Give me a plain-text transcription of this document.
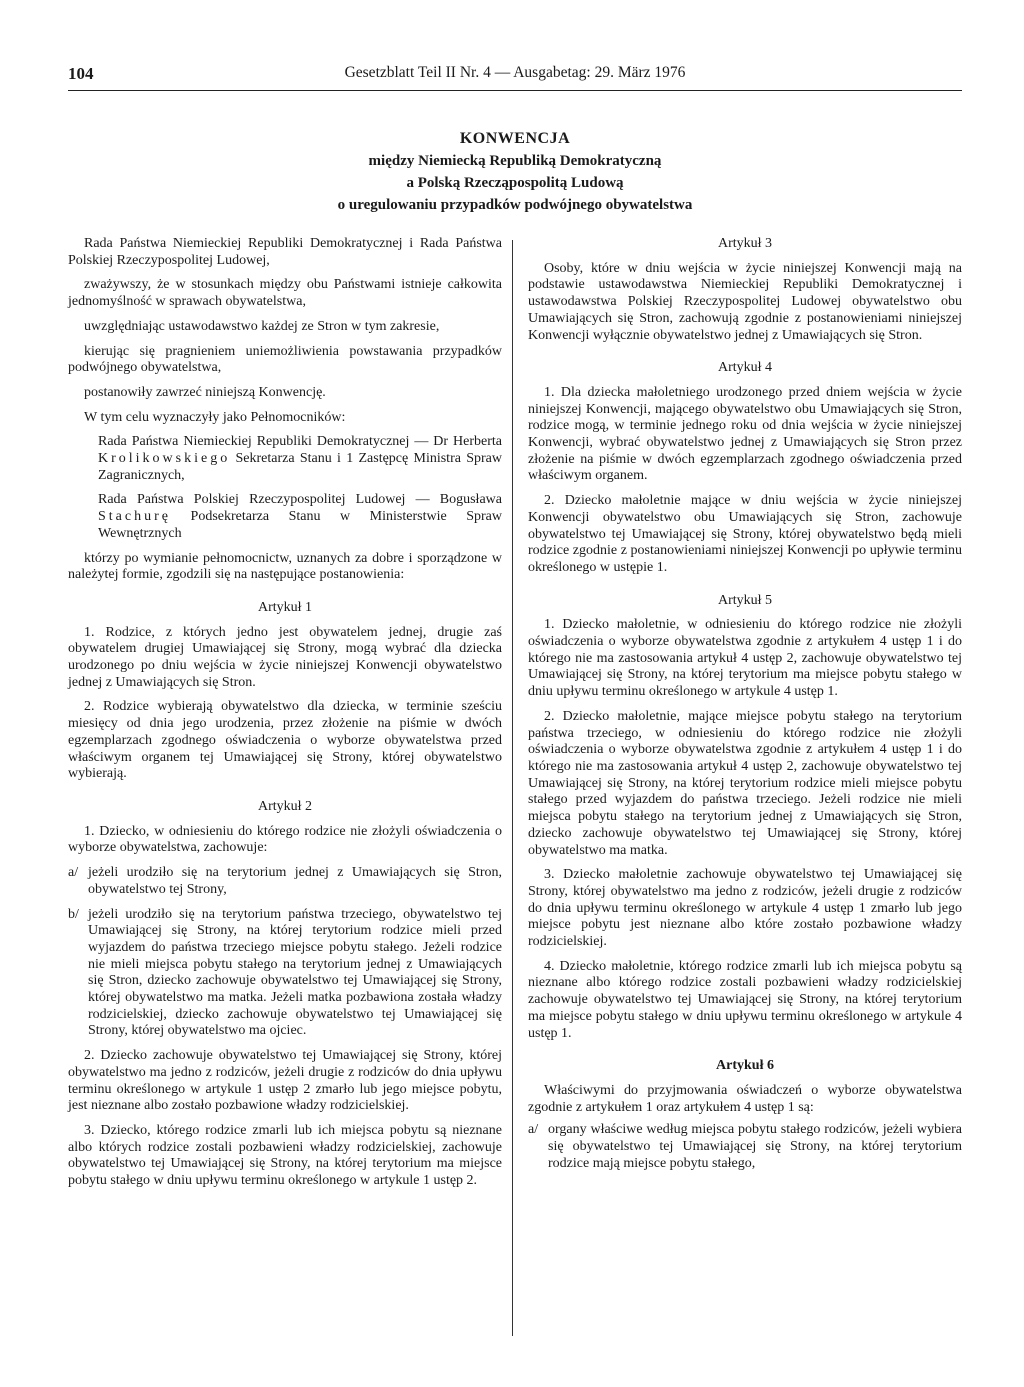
104	Gesetzblatt Teil II Nr. 4 — Ausgabetag: 29. März 1976
KONWENCJA
między Niemiecką Republiką Demokratyczną
a Polską Rzecząpospolitą Ludową
o uregulowaniu przypadków podwójnego obywatelstwa

Rada Państwa Niemieckiej Republiki Demokratycznej i Rada Państwa Polskiej Rzeczypospolitej Ludowej,

zważywszy, że w stosunkach między obu Państwami istnieje całkowita jednomyślność w sprawach obywatelstwa,

uwzględniając ustawodawstwo każdej ze Stron w tym zakresie,

kierując się pragnieniem uniemożliwienia powstawania przypadków podwójnego obywatelstwa,

postanowiły zawrzeć niniejszą Konwencję.

W tym celu wyznaczyły jako Pełnomocników:

Rada Państwa Niemieckiej Republiki Demokratycznej — Dr Herberta Krolikowskiego Sekretarza Stanu i 1 Zastępcę Ministra Spraw Zagranicznych,

Rada Państwa Polskiej Rzeczypospolitej Ludowej — Bogusława Stachurę Podsekretarza Stanu w Ministerstwie Spraw Wewnętrznych

którzy po wymianie pełnomocnictw, uznanych za dobre i sporządzone w należytej formie, zgodzili się na następujące postanowienia:

Artykuł 1

1. Rodzice, z których jedno jest obywatelem jednej, drugie zaś obywatelem drugiej Umawiającej się Strony, mogą wybrać dla dziecka urodzonego po dniu wejścia w życie niniejszej Konwencji obywatelstwo jednej z Umawiających się Stron.

2. Rodzice wybierają obywatelstwo dla dziecka, w terminie sześciu miesięcy od dnia jego urodzenia, przez złożenie na piśmie w dwóch egzemplarzach zgodnego oświadczenia o wyborze obywatelstwa przed właściwym organem tej Umawiającej się Strony, której obywatelstwo wybierają.

Artykuł 2

1. Dziecko, w odniesieniu do którego rodzice nie złożyli oświadczenia o wyborze obywatelstwa, zachowuje:

a/ jeżeli urodziło się na terytorium jednej z Umawiających się Stron, obywatelstwo tej Strony,
b/ jeżeli urodziło się na terytorium państwa trzeciego, obywatelstwo tej Umawiającej się Strony, na której terytorium rodzice mieli przed wyjazdem do państwa trzeciego miejsce pobytu stałego. Jeżeli rodzice nie mieli miejsca pobytu stałego na terytorium jednej z Umawiających się Stron, dziecko zachowuje obywatelstwo tej Umawiającej się Strony, której obywatelstwo ma matka. Jeżeli matka pozbawiona została władzy rodzicielskiej, dziecko zachowuje obywatelstwo tej Umawiającej się Strony, której obywatelstwo ma ojciec.

2. Dziecko zachowuje obywatelstwo tej Umawiającej się Strony, której obywatelstwo ma jedno z rodziców, jeżeli drugie z rodziców do dnia upływu terminu określonego w artykule 1 ustęp 2 zmarło lub jego miejsce pobytu, jest nieznane albo zostało pozbawione władzy rodzicielskiej.

3. Dziecko, którego rodzice zmarli lub ich miejsca pobytu są nieznane albo których rodzice zostali pozbawieni władzy rodzicielskiej, zachowuje obywatelstwo tej Umawiającej się Strony, na której terytorium ma miejsce pobytu stałego w dniu upływu terminu określonego w artykule 1 ustęp 2.

Artykuł 3

Osoby, które w dniu wejścia w życie niniejszej Konwencji mają na podstawie ustawodawstwa Niemieckiej Republiki Demokratycznej i ustawodawstwa Polskiej Rzeczypospolitej Ludowej obywatelstwo obu Umawiających się Stron, zachowują zgodnie z postanowieniami niniejszej Konwencji wyłącznie obywatelstwo jednej z Umawiających się Stron.

Artykuł 4

1. Dla dziecka małoletniego urodzonego przed dniem wejścia w życie niniejszej Konwencji, mającego obywatelstwo obu Umawiających się Stron, rodzice mogą, w terminie jednego roku od dnia wejścia w życie niniejszej Konwencji, wybrać obywatelstwo jednej z Umawiających się Stron przez złożenie na piśmie w dwóch egzemplarzach zgodnego oświadczenia przed właściwym organem.

2. Dziecko małoletnie mające w dniu wejścia w życie niniejszej Konwencji obywatelstwo obu Umawiających się Stron, zachowuje obywatelstwo tej Umawiającej się Strony, której obywatelstwo będą mieli rodzice zgodnie z postanowieniami niniejszej Konwencji po upływie terminu określonego w ustępie 1.

Artykuł 5

1. Dziecko małoletnie, w odniesieniu do którego rodzice nie złożyli oświadczenia o wyborze obywatelstwa zgodnie z artykułem 4 ustęp 1 i do którego nie ma zastosowania artykuł 4 ustęp 2, zachowuje obywatelstwo tej Umawiającej się Strony, na której terytorium ma miejsce pobytu stałego w dniu upływu terminu określonego w artykule 4 ustęp 1.

2. Dziecko małoletnie, mające miejsce pobytu stałego na terytorium państwa trzeciego, w odniesieniu do którego rodzice nie złożyli oświadczenia o wyborze obywatelstwa zgodnie z artykułem 4 ustęp 1 i do którego nie ma zastosowania artykuł 4 ustęp 2, zachowuje obywatelstwo tej Umawiającej się Strony, na której terytorium rodzice mieli miejsce pobytu stałego przed wyjazdem do państwa trzeciego. Jeżeli rodzice nie mieli miejsca pobytu stałego na terytorium jednej z Umawiających się Stron, dziecko zachowuje obywatelstwo tej Umawiającej się Strony, której obywatelstwo ma matka.

3. Dziecko małoletnie zachowuje obywatelstwo tej Umawiającej się Strony, której obywatelstwo ma jedno z rodziców, jeżeli drugie z rodziców do dnia upływu terminu określonego w artykule 4 ustęp 1 zmarło lub jego miejsce pobytu jest nieznane albo które zostało pozbawione władzy rodzicielskiej.

4. Dziecko małoletnie, którego rodzice zmarli lub ich miejsca pobytu są nieznane albo którego rodzice zostali pozbawieni władzy rodzicielskiej zachowuje obywatelstwo tej Umawiającej się Strony, na której terytorium ma miejsce pobytu stałego w dniu upływu terminu określonego w artykule 4 ustęp 1.

Artykuł 6

Właściwymi do przyjmowania oświadczeń o wyborze obywatelstwa zgodnie z artykułem 1 oraz artykułem 4 ustęp 1 są:

a/ organy właściwe według miejsca pobytu stałego rodziców, jeżeli wybiera się obywatelstwo tej Umawiającej się Strony, na której terytorium rodzice mają miejsce pobytu stałego,
